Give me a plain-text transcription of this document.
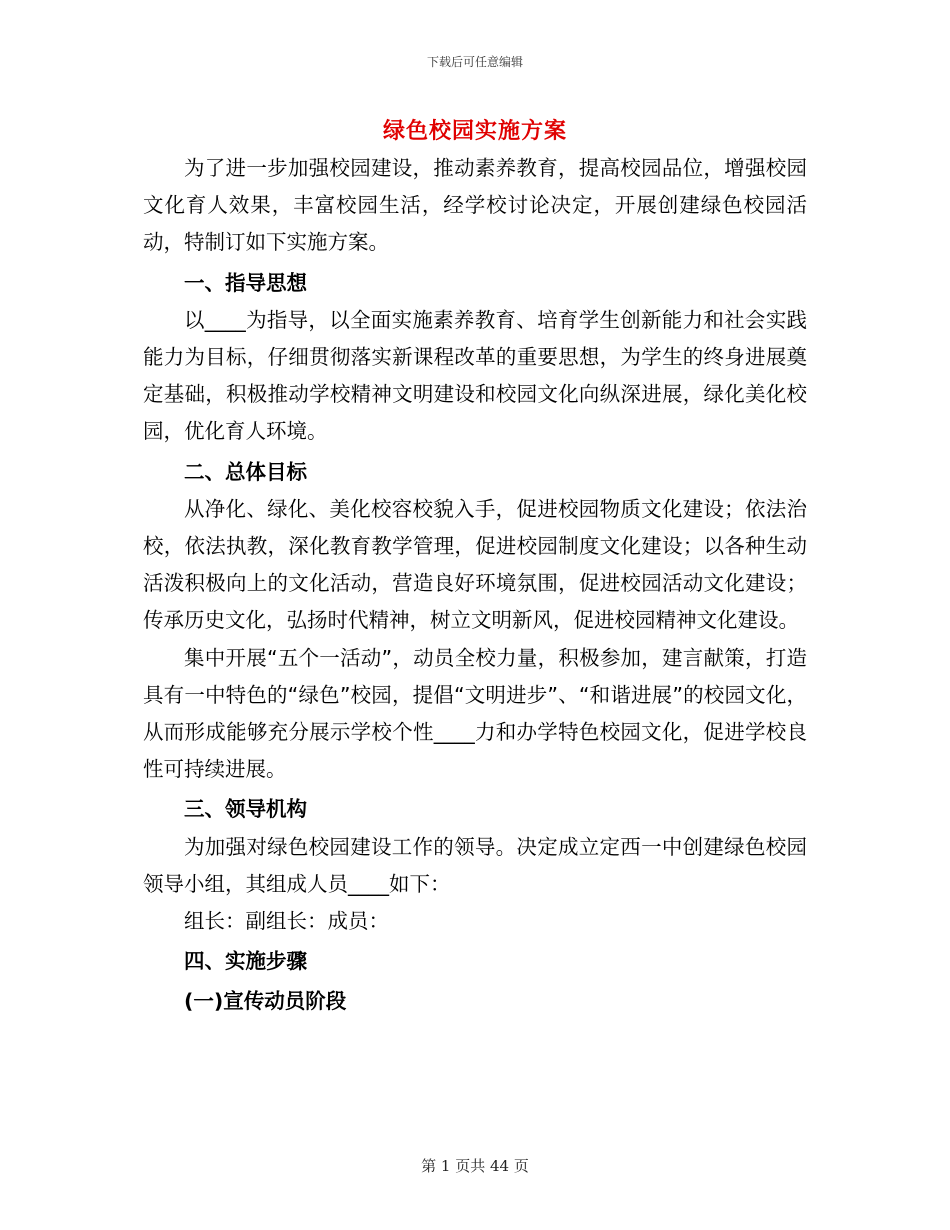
下载后可任意编辑
绿色校园实施方案

为了进一步加强校园建设，推动素养教育，提高校园品位，增强校园文化育人效果，丰富校园生活，经学校讨论决定，开展创建绿色校园活动，特制订如下实施方案。

一、指导思想

以____为指导，以全面实施素养教育、培育学生创新能力和社会实践能力为目标，仔细贯彻落实新课程改革的重要思想，为学生的终身进展奠定基础，积极推动学校精神文明建设和校园文化向纵深进展，绿化美化校园，优化育人环境。

二、总体目标

从净化、绿化、美化校容校貌入手，促进校园物质文化建设；依法治校，依法执教，深化教育教学管理，促进校园制度文化建设；以各种生动活泼积极向上的文化活动，营造良好环境氛围，促进校园活动文化建设；传承历史文化，弘扬时代精神，树立文明新风，促进校园精神文化建设。

集中开展“五个一活动”，动员全校力量，积极参加，建言献策，打造具有一中特色的“绿色”校园，提倡“文明进步”、“和谐进展”的校园文化，从而形成能够充分展示学校个性____力和办学特色校园文化，促进学校良性可持续进展。

三、领导机构

为加强对绿色校园建设工作的领导。决定成立定西一中创建绿色校园领导小组，其组成人员____如下：

组长：副组长：成员：

四、实施步骤
(一)宣传动员阶段
第 1 页共 44 页
